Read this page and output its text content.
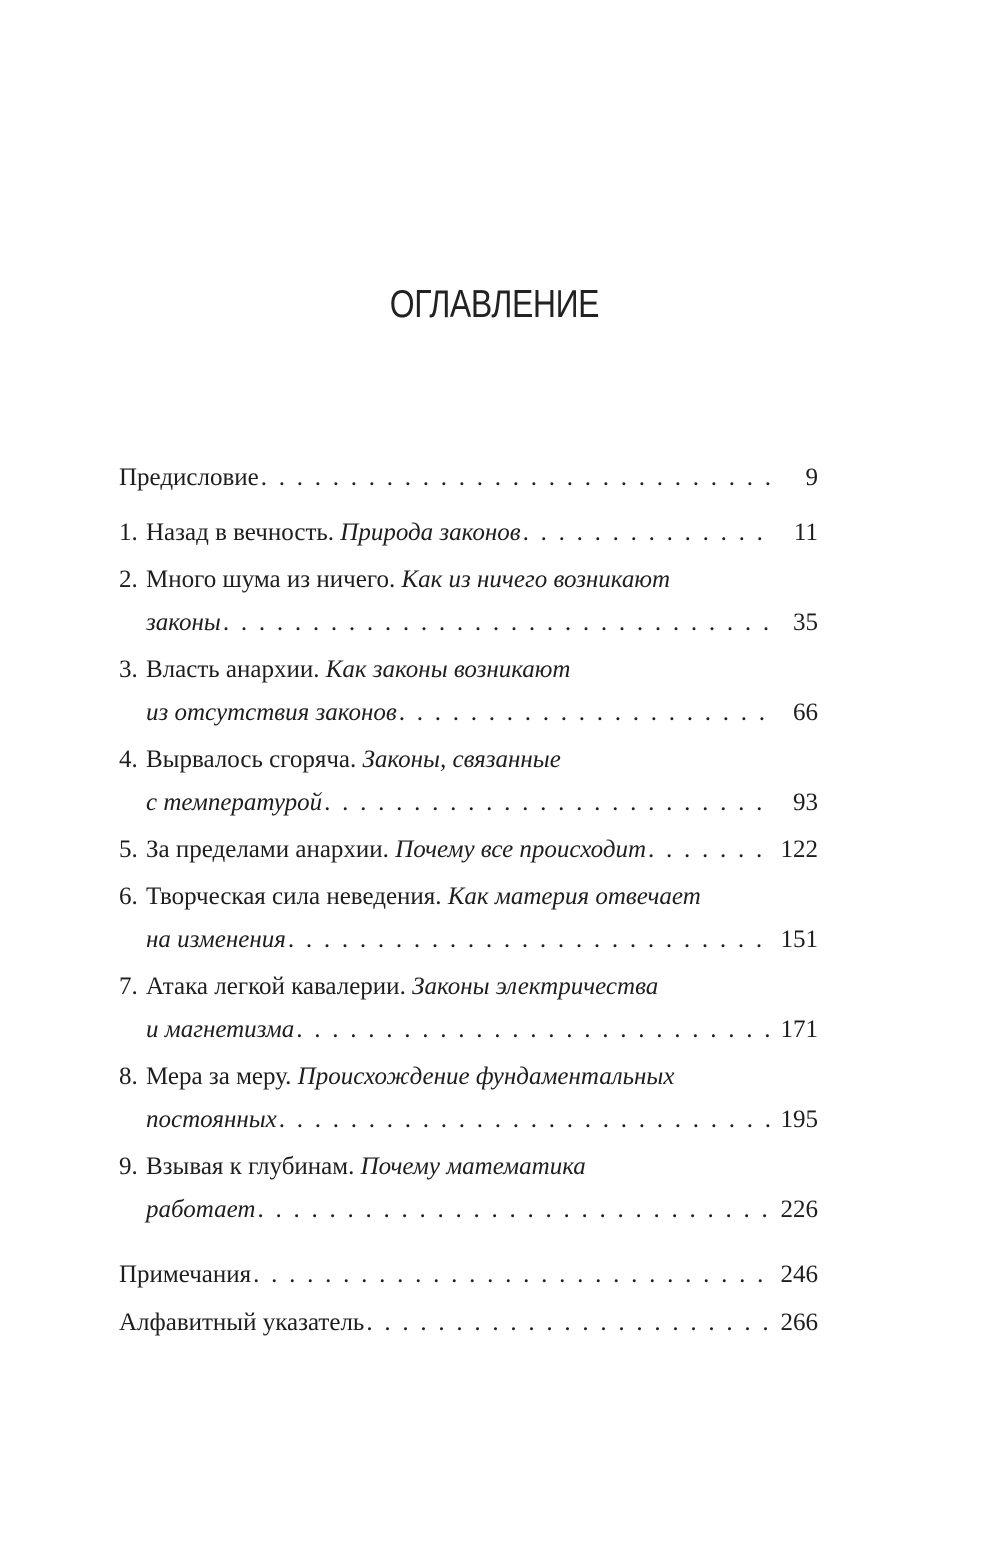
ОГЛАВЛЕНИЕ
Предисловие . . .	9
1. Назад в вечность.
Природа законов . . .	11
2. Много шума из ничего.
Как из ничего возникают
законы . . .	35
3. Власть анархии.
Как законы возникают
из отсутствия законов . . .	66
4. Вырвалось сгоряча.
Законы, связанные
с температурой . . .	93
5. За пределами анархии.
Почему все происходит . . .	122
6. Творческая сила неведения.
Как материя отвечает
на изменения . . .	151
7. Атака легкой кавалерии.
Законы электричества
и магнетизма . . .	171
8. Мера за меру.
Происхождение фундаментальных
постоянных . . .	195
9. Взывая к глубинам.
Почему математика
работает . . .	226
Примечания . . .	246
Алфавитный указатель . . .	266
